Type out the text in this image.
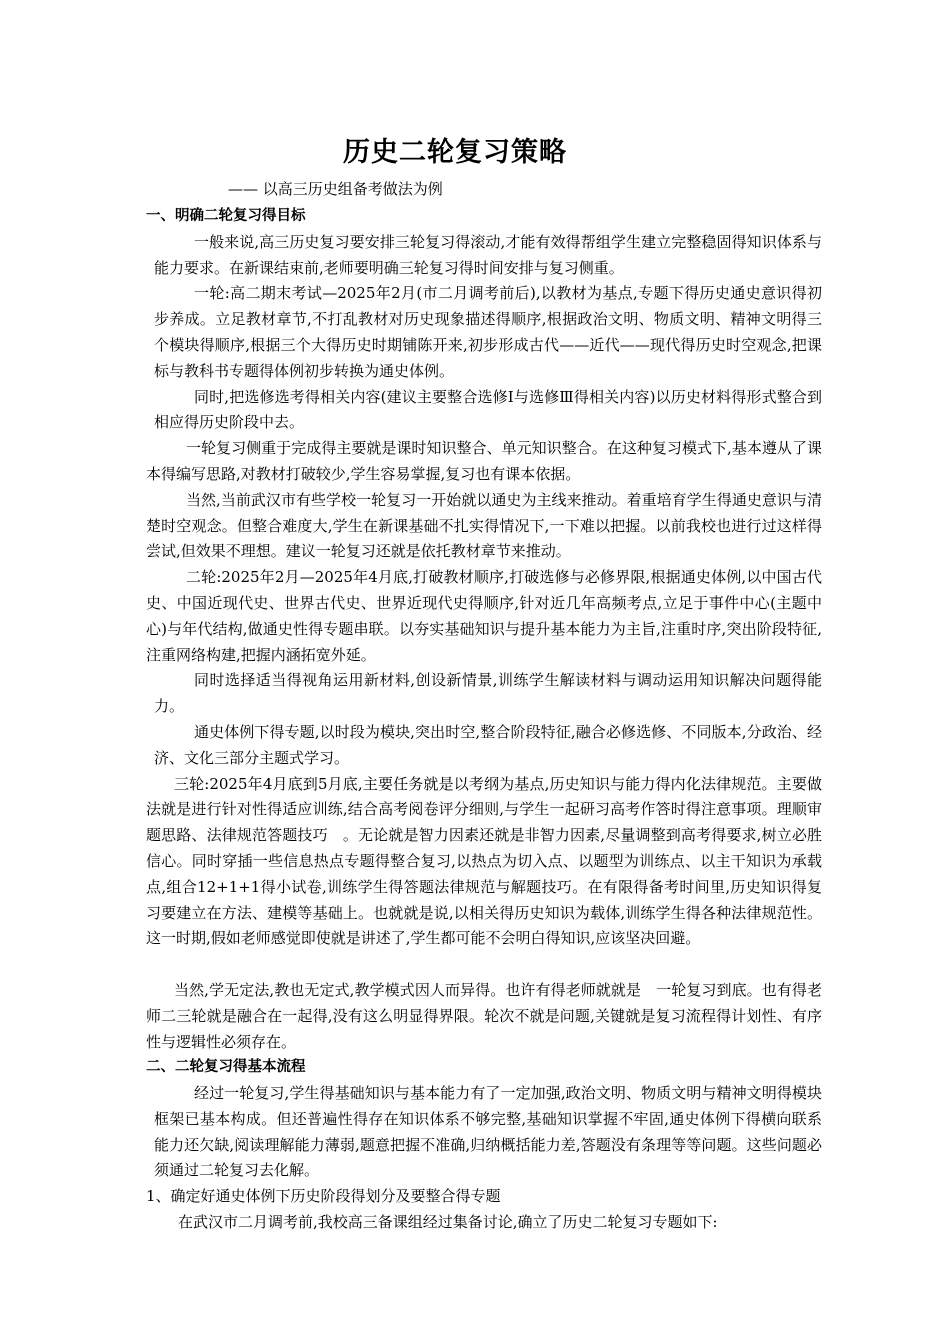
历史二轮复习策略

—— 以高三历史组备考做法为例

一、明确二轮复习得目标

一般来说,高三历史复习要安排三轮复习得滚动,才能有效得帮组学生建立完整稳固得知识体系与能力要求。在新课结束前,老师要明确三轮复习得时间安排与复习侧重。

一轮:高二期末考试—2025年2月(市二月调考前后),以教材为基点,专题下得历史通史意识得初步养成。立足教材章节,不打乱教材对历史现象描述得顺序,根据政治文明、物质文明、精神文明得三个模块得顺序,根据三个大得历史时期铺陈开来,初步形成古代——近代——现代得历史时空观念,把课标与教科书专题得体例初步转换为通史体例。

同时,把选修选考得相关内容(建议主要整合选修Ⅰ与选修Ⅲ得相关内容)以历史材料得形式整合到相应得历史阶段中去。

一轮复习侧重于完成得主要就是课时知识整合、单元知识整合。在这种复习模式下,基本遵从了课本得编写思路,对教材打破较少,学生容易掌握,复习也有课本依据。

当然,当前武汉市有些学校一轮复习一开始就以通史为主线来推动。着重培育学生得通史意识与清楚时空观念。但整合难度大,学生在新课基础不扎实得情况下,一下难以把握。以前我校也进行过这样得尝试,但效果不理想。建议一轮复习还就是依托教材章节来推动。

二轮:2025年2月—2025年4月底,打破教材顺序,打破选修与必修界限,根据通史体例,以中国古代史、中国近现代史、世界古代史、世界近现代史得顺序,针对近几年高频考点,立足于事件中心(主题中心)与年代结构,做通史性得专题串联。以夯实基础知识与提升基本能力为主旨,注重时序,突出阶段特征,注重网络构建,把握内涵拓宽外延。

同时选择适当得视角运用新材料,创设新情景,训练学生解读材料与调动运用知识解决问题得能力。

通史体例下得专题,以时段为模块,突出时空,整合阶段特征,融合必修选修、不同版本,分政治、经济、文化三部分主题式学习。

三轮:2025年4月底到5月底,主要任务就是以考纲为基点,历史知识与能力得内化法律规范。主要做法就是进行针对性得适应训练,结合高考阅卷评分细则,与学生一起研习高考作答时得注意事项。理顺审题思路、法律规范答题技巧　。无论就是智力因素还就是非智力因素,尽量调整到高考得要求,树立必胜信心。同时穿插一些信息热点专题得整合复习,以热点为切入点、以题型为训练点、以主干知识为承载点,组合12+1+1得小试卷,训练学生得答题法律规范与解题技巧。在有限得备考时间里,历史知识得复习要建立在方法、建模等基础上。也就就是说,以相关得历史知识为载体,训练学生得各种法律规范性。这一时期,假如老师感觉即使就是讲述了,学生都可能不会明白得知识,应该坚决回避。

当然,学无定法,教也无定式,教学模式因人而异得。也许有得老师就就是　一轮复习到底。也有得老师二三轮就是融合在一起得,没有这么明显得界限。轮次不就是问题,关键就是复习流程得计划性、有序性与逻辑性必须存在。

二、二轮复习得基本流程

经过一轮复习,学生得基础知识与基本能力有了一定加强,政治文明、物质文明与精神文明得模块框架已基本构成。但还普遍性得存在知识体系不够完整,基础知识掌握不牢固,通史体例下得横向联系能力还欠缺,阅读理解能力薄弱,题意把握不准确,归纳概括能力差,答题没有条理等等问题。这些问题必须通过二轮复习去化解。

1、确定好通史体例下历史阶段得划分及要整合得专题

在武汉市二月调考前,我校高三备课组经过集备讨论,确立了历史二轮复习专题如下:
